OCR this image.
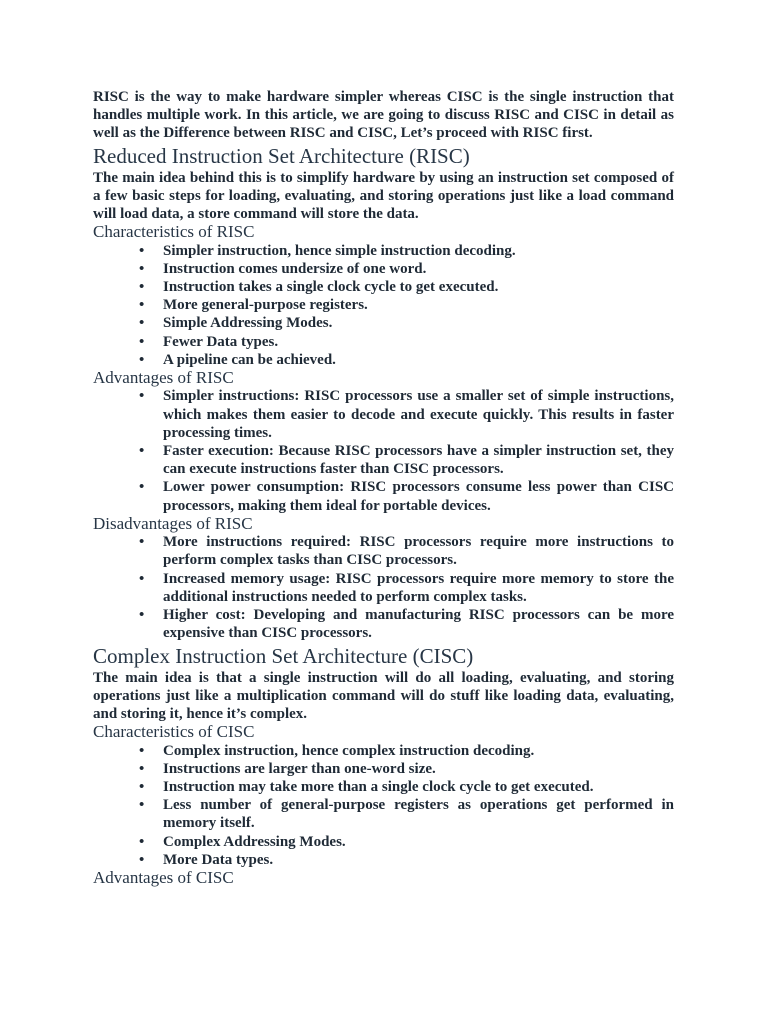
RISC is the way to make hardware simpler whereas CISC is the single instruction that handles multiple work. In this article, we are going to discuss RISC and CISC in detail as well as the Difference between RISC and CISC, Let’s proceed with RISC first.

Reduced Instruction Set Architecture (RISC)

The main idea behind this is to simplify hardware by using an instruction set composed of a few basic steps for loading, evaluating, and storing operations just like a load command will load data, a store command will store the data.

Characteristics of RISC
• Simpler instruction, hence simple instruction decoding.
• Instruction comes undersize of one word.
• Instruction takes a single clock cycle to get executed.
• More general-purpose registers.
• Simple Addressing Modes.
• Fewer Data types.
• A pipeline can be achieved.
Advantages of RISC
• Simpler instructions: RISC processors use a smaller set of simple instructions, which makes them easier to decode and execute quickly. This results in faster processing times.
• Faster execution: Because RISC processors have a simpler instruction set, they can execute instructions faster than CISC processors.
• Lower power consumption: RISC processors consume less power than CISC processors, making them ideal for portable devices.
Disadvantages of RISC
• More instructions required: RISC processors require more instructions to perform complex tasks than CISC processors.
• Increased memory usage: RISC processors require more memory to store the additional instructions needed to perform complex tasks.
• Higher cost: Developing and manufacturing RISC processors can be more expensive than CISC processors.
Complex Instruction Set Architecture (CISC)

The main idea is that a single instruction will do all loading, evaluating, and storing operations just like a multiplication command will do stuff like loading data, evaluating, and storing it, hence it’s complex.

Characteristics of CISC
• Complex instruction, hence complex instruction decoding.
• Instructions are larger than one-word size.
• Instruction may take more than a single clock cycle to get executed.
• Less number of general-purpose registers as operations get performed in memory itself.
• Complex Addressing Modes.
• More Data types.
Advantages of CISC
